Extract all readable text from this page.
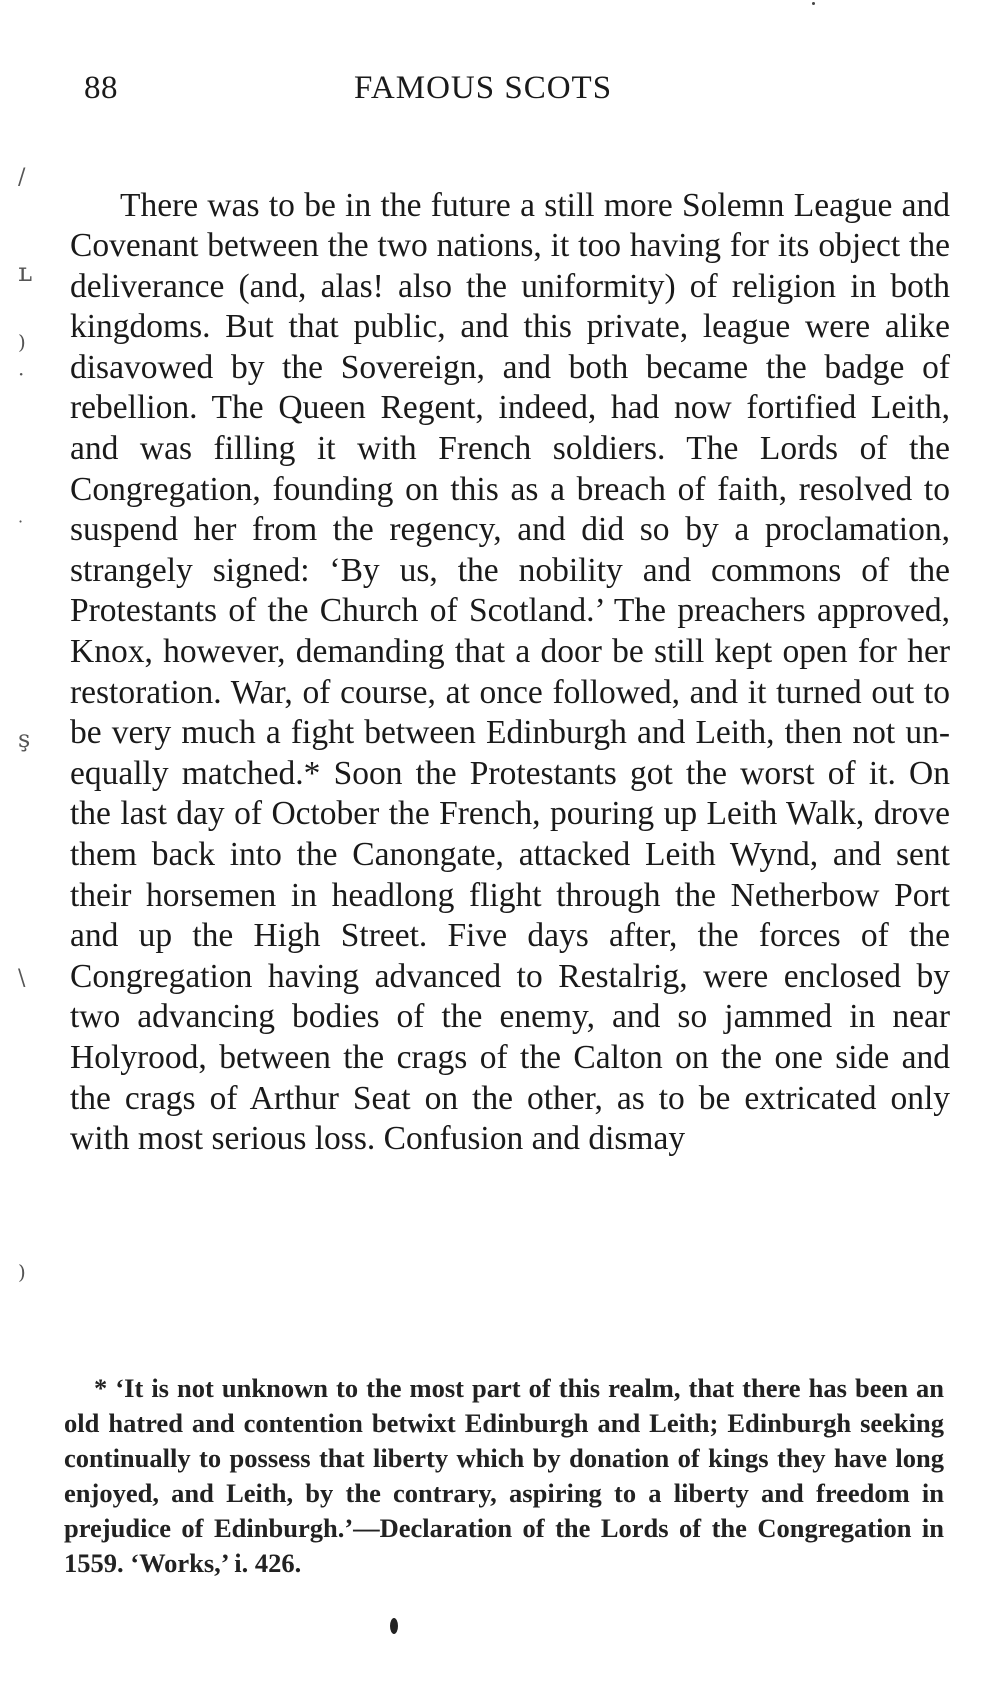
88	FAMOUS SCOTS
/
ʟ
)
·
·
ş
\
)

There was to be in the future a still more Solemn League and Covenant between the two nations, it too having for its object the deliverance (and, alas! also the uniformity) of religion in both kingdoms. But that public, and this private, league were alike disavowed by the Sovereign, and both became the badge of rebellion. The Queen Regent, indeed, had now fortified Leith, and was filling it with French soldiers. The Lords of the Congregation, founding on this as a breach of faith, resolved to suspend her from the regency, and did so by a proclamation, strangely signed: ‘By us, the nobility and commons of the Protestants of the Church of Scotland.’ The preachers approved, Knox, however, demanding that a door be still kept open for her restoration. War, of course, at once followed, and it turned out to be very much a fight between Edinburgh and Leith, then not unequally matched.* Soon the Protestants got the worst of it. On the last day of October the French, pouring up Leith Walk, drove them back into the Canongate, attacked Leith Wynd, and sent their horsemen in headlong flight through the Netherbow Port and up the High Street. Five days after, the forces of the Congregation having advanced to Restalrig, were enclosed by two advancing bodies of the enemy, and so jammed in near Holyrood, between the crags of the Calton on the one side and the crags of Arthur Seat on the other, as to be extricated only with most serious loss. Confusion and dismay

* ‘It is not unknown to the most part of this realm, that there has been an old hatred and contention betwixt Edinburgh and Leith; Edinburgh seeking continually to possess that liberty which by donation of kings they have long enjoyed, and Leith, by the contrary, aspiring to a liberty and freedom in prejudice of Edinburgh.’—Declaration of the Lords of the Congregation in 1559. ‘Works,’ i. 426.
